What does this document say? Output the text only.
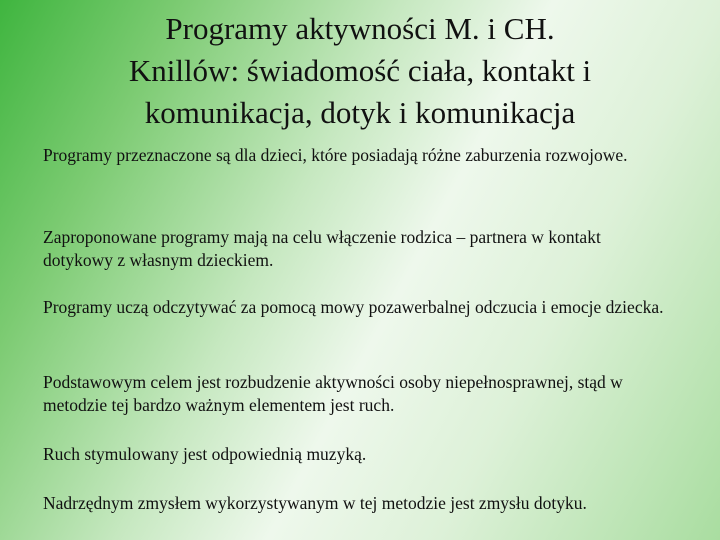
Programy aktywności M. i CH.
Knillów: świadomość ciała, kontakt i
komunikacja, dotyk i komunikacja

Programy przeznaczone są dla dzieci, które posiadają różne zaburzenia rozwojowe.

Zaproponowane programy mają na celu włączenie rodzica – partnera w kontakt dotykowy z własnym dzieckiem.

Programy uczą odczytywać za pomocą mowy pozawerbalnej odczucia i emocje dziecka.

Podstawowym celem jest rozbudzenie aktywności osoby niepełnosprawnej, stąd w metodzie tej bardzo ważnym elementem jest ruch.

Ruch stymulowany jest odpowiednią muzyką.

Nadrzędnym zmysłem wykorzystywanym w tej metodzie jest zmysłu dotyku.
